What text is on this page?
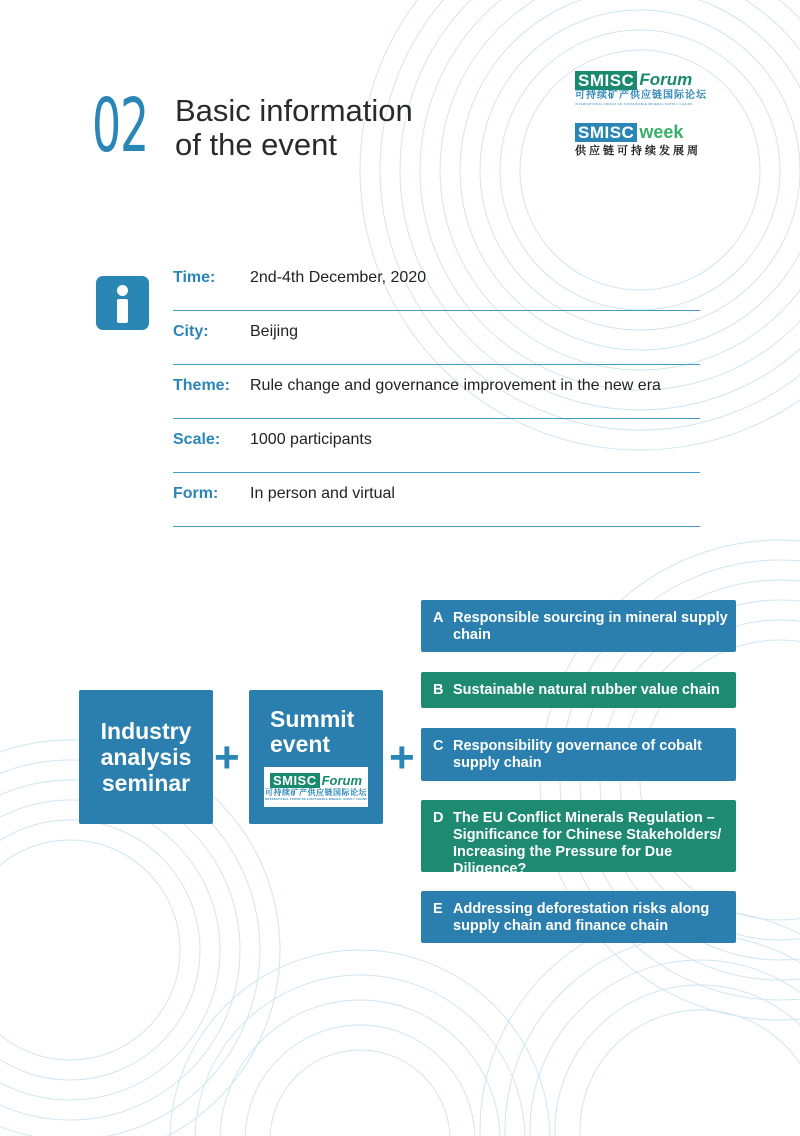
02 Basic information
of the event
SMISC Forum
可持续矿产供应链国际论坛
INTERNATIONAL FORUM ON SUSTAINABLE MINERAL SUPPLY CHAINS
SMISC week
供应链可持续发展周
Time: 2nd-4th December, 2020
City:	Beijing
Theme: Rule change and governance improvement in the new era
Scale: 1000 participants
Form: In person and virtual
Industry analysis seminar
+
Summit event
SMISC Forum
可持续矿产供应链国际论坛
INTERNATIONAL FORUM ON SUSTAINABLE MINERAL SUPPLY CHAINS
+
A Responsible sourcing in mineral supply chain
B Sustainable natural rubber value chain
C Responsibility governance of cobalt supply chain
D The EU Conflict Minerals Regulation – Significance for Chinese Stakeholders/ Increasing the Pressure for Due Diligence?
E Addressing deforestation risks along supply chain and finance chain
